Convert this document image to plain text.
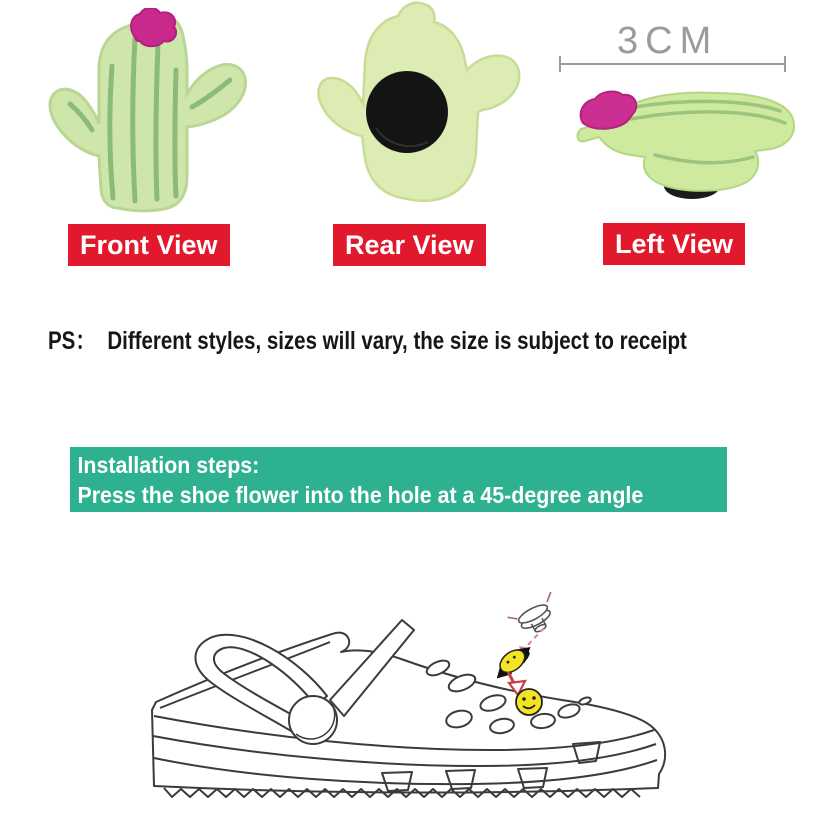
3CM
Front View	Rear View	Left View
PS： Different styles, sizes will vary, the size is subject to receipt
Installation steps:
Press the shoe flower into the hole at a 45-degree angle
